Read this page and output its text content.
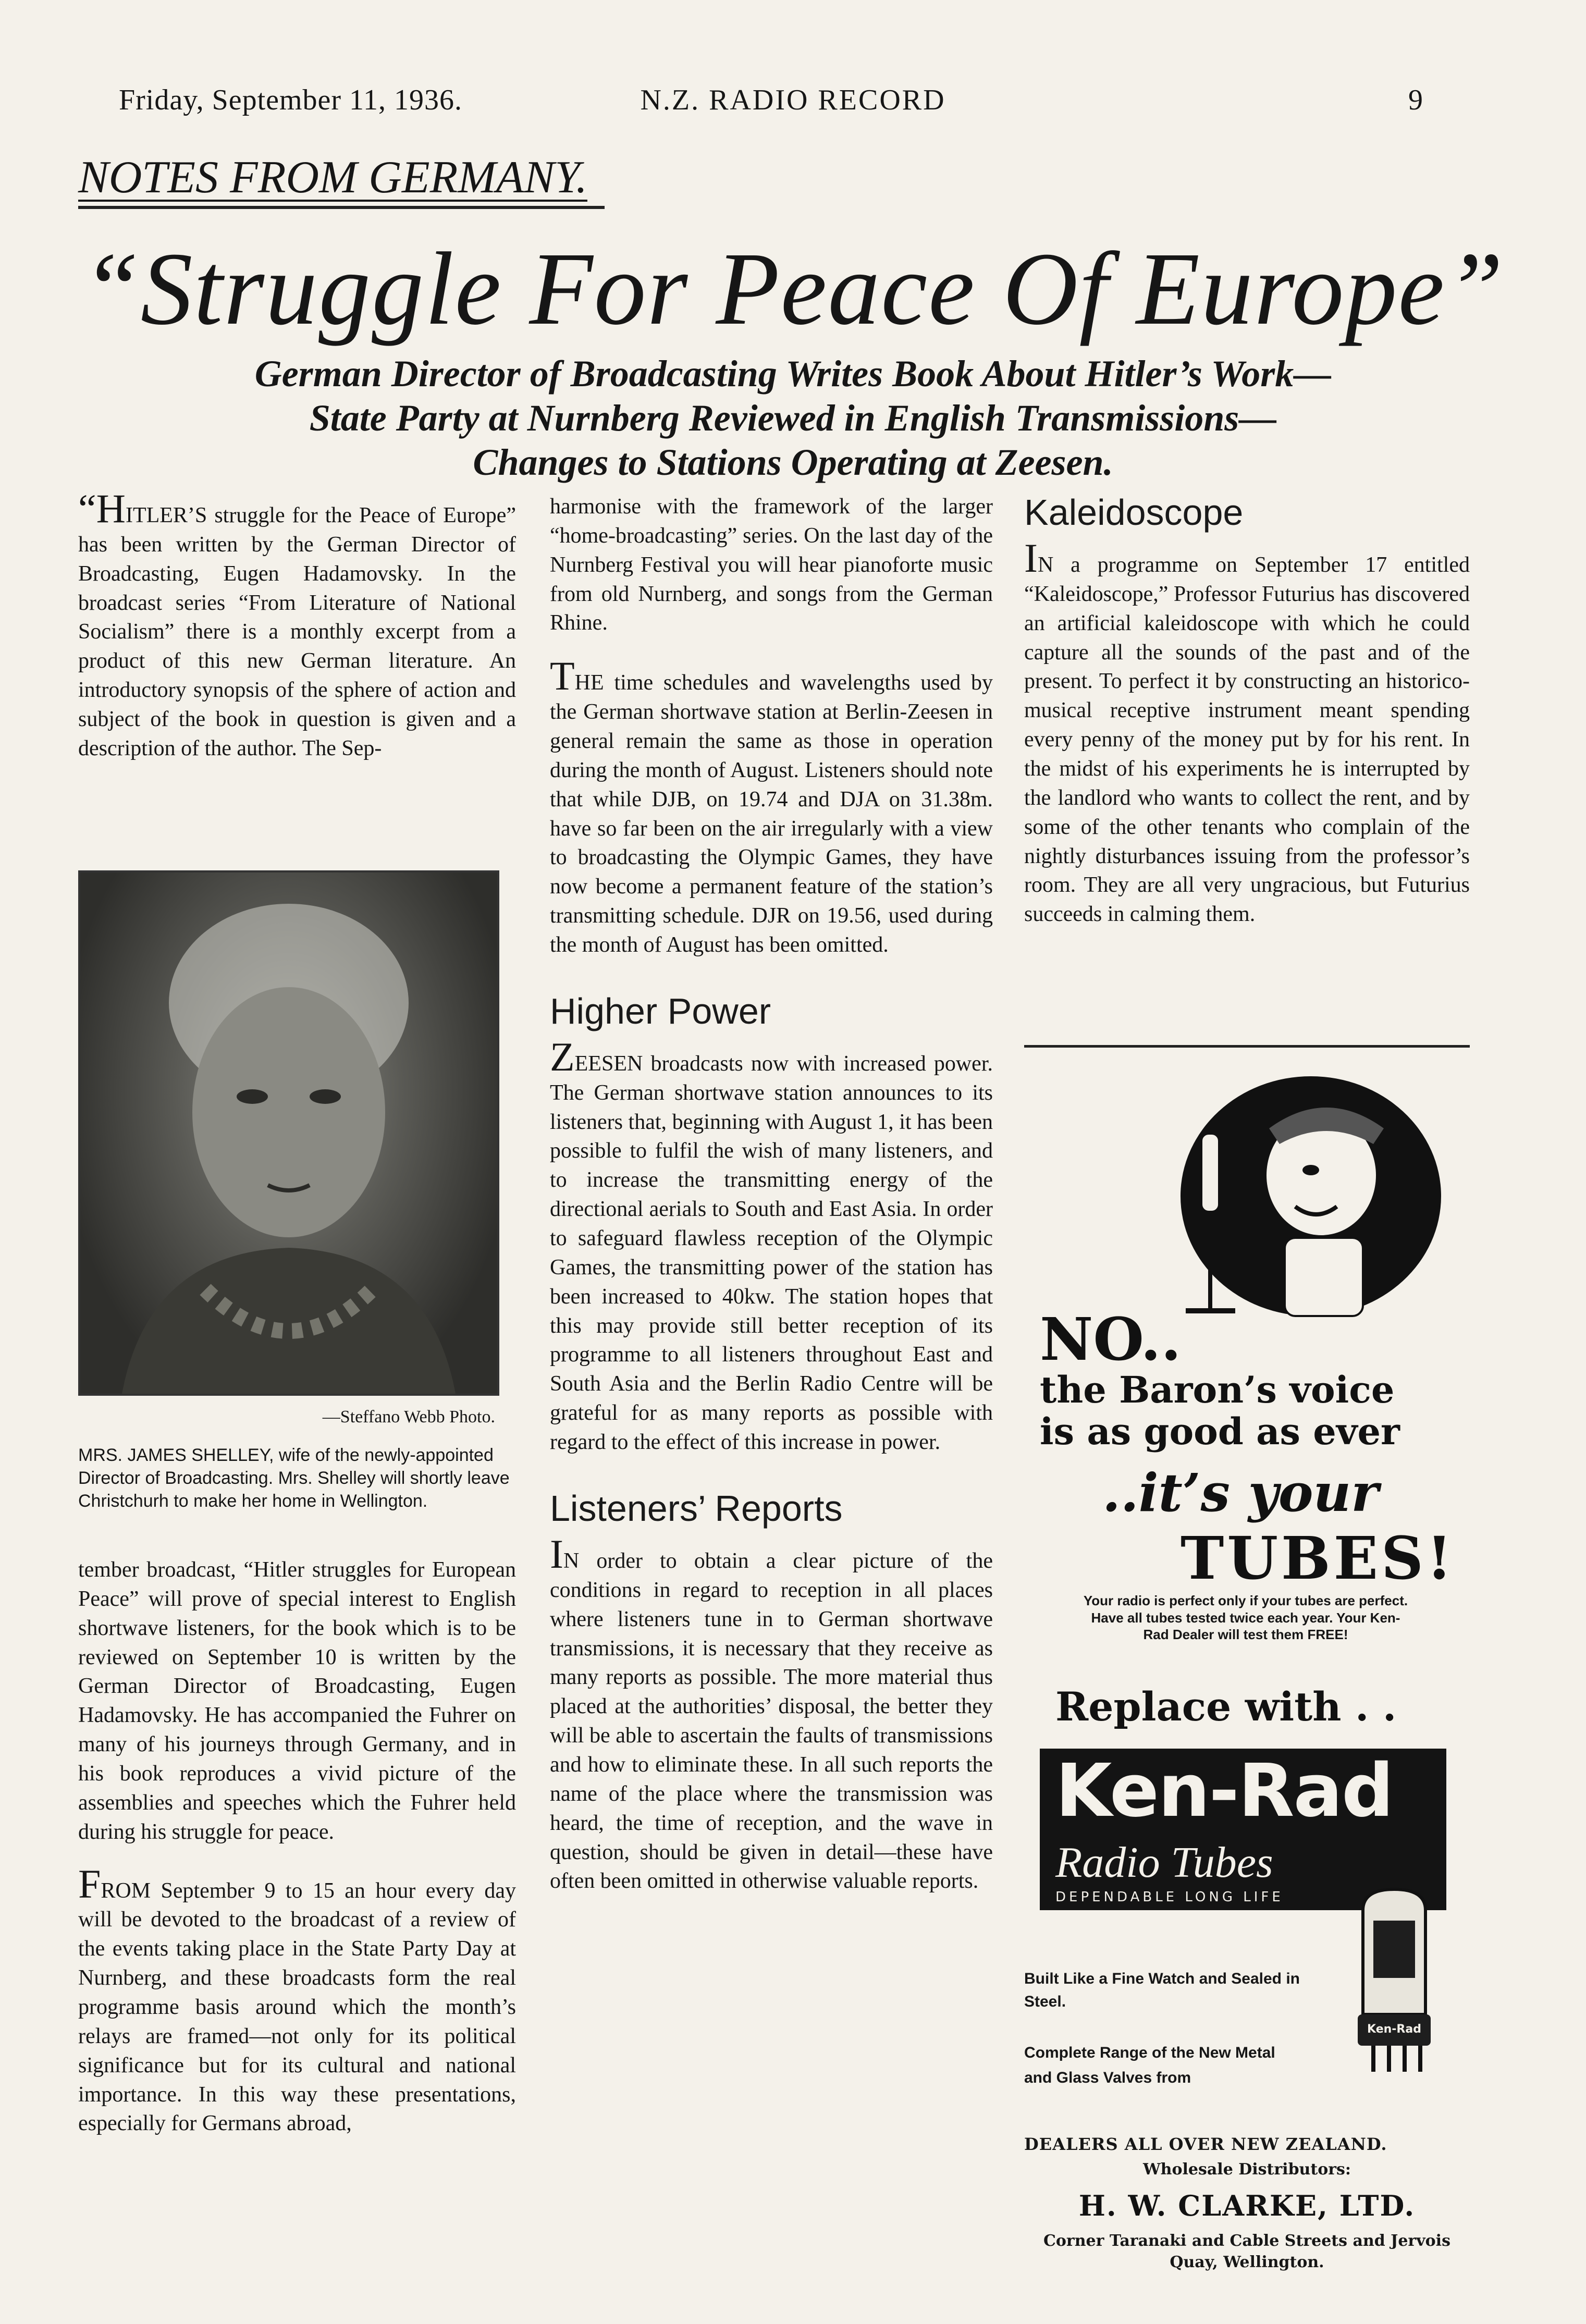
Friday, September 11, 1936.	N.Z. RADIO RECORD	9
NOTES FROM GERMANY.
“Struggle For Peace Of Europe”
German Director of Broadcasting Writes Book About Hitler’s Work—
State Party at Nurnberg Reviewed in English Transmissions—
Changes to Stations Operating at Zeesen.

“HITLER’S struggle for the Peace of Europe” has been written by the German Director of Broadcasting, Eugen Hadamovsky. In the broadcast series “From Literature of National Socialism” there is a monthly excerpt from a product of this new German literature. An introductory synopsis of the sphere of action and subject of the book in question is given and a description of the author. The Sep-

—Steffano Webb Photo.
MRS. JAMES SHELLEY, wife of the newly-appointed Director of Broadcasting. Mrs. Shelley will shortly leave Christchurh to make her home in Wellington.

tember broadcast, “Hitler struggles for European Peace” will prove of special interest to English shortwave listeners, for the book which is to be reviewed on September 10 is written by the German Director of Broadcasting, Eugen Hadamovsky. He has accompanied the Fuhrer on many of his journeys through Germany, and in his book reproduces a vivid picture of the assemblies and speeches which the Fuhrer held during his struggle for peace.

FROM September 9 to 15 an hour every day will be devoted to the broadcast of a review of the events taking place in the State Party Day at Nurnberg, and these broadcasts form the real programme basis around which the month’s relays are framed—not only for its political significance but for its cultural and national importance. In this way these presentations, especially for Germans abroad,

harmonise with the framework of the larger “home-broadcasting” series. On the last day of the Nurnberg Festival you will hear pianoforte music from old Nurnberg, and songs from the German Rhine.

THE time schedules and wavelengths used by the German shortwave station at Berlin-Zeesen in general remain the same as those in operation during the month of August. Listeners should note that while DJB, on 19.74 and DJA on 31.38m. have so far been on the air irregularly with a view to broadcasting the Olympic Games, they have now become a permanent feature of the station’s transmitting schedule. DJR on 19.56, used during the month of August has been omitted.

Higher Power

ZEESEN broadcasts now with increased power. The German shortwave station announces to its listeners that, beginning with August 1, it has been possible to fulfil the wish of many listeners, and to increase the transmitting energy of the directional aerials to South and East Asia. In order to safeguard flawless reception of the Olympic Games, the transmitting power of the station has been increased to 40kw. The station hopes that this may provide still better reception of its programme to all listeners throughout East and South Asia and the Berlin Radio Centre will be grateful for as many reports as possible with regard to the effect of this increase in power.

Listeners’ Reports

IN order to obtain a clear picture of the conditions in regard to reception in all places where listeners tune in to German shortwave transmissions, it is necessary that they receive as many reports as possible. The more material thus placed at the authorities’ disposal, the better they will be able to ascertain the faults of transmissions and how to eliminate these. In all such reports the name of the place where the transmission was heard, the time of reception, and the wave in question, should be given in detail—these have often been omitted in otherwise valuable reports.

Kaleidoscope

IN a programme on September 17 entitled “Kaleidoscope,” Professor Futurius has discovered an artificial kaleidoscope with which he could capture all the sounds of the past and of the present. To perfect it by constructing an historico-musical receptive instrument meant spending every penny of the money put by for his rent. In the midst of his experiments he is interrupted by the landlord who wants to collect the rent, and by some of the other tenants who complain of the nightly disturbances issuing from the professor’s room. They are all very ungracious, but Futurius succeeds in calming them.

NO..
the Baron’s voice
is as good as ever
..it’s your
TUBES!
Your radio is perfect only if your tubes are perfect. Have all tubes tested twice each year. Your Ken-Rad Dealer will test them FREE!
Replace with . .
Ken-Rad
Radio Tubes
DEPENDABLE LONG LIFE
Ken-Rad
Built Like a Fine Watch and Sealed in Steel.
Complete Range of the New Metal and Glass Valves from
DEALERS ALL OVER NEW ZEALAND.
Wholesale Distributors:
H. W. CLARKE, LTD.
Corner Taranaki and Cable Streets and Jervois Quay, Wellington.
